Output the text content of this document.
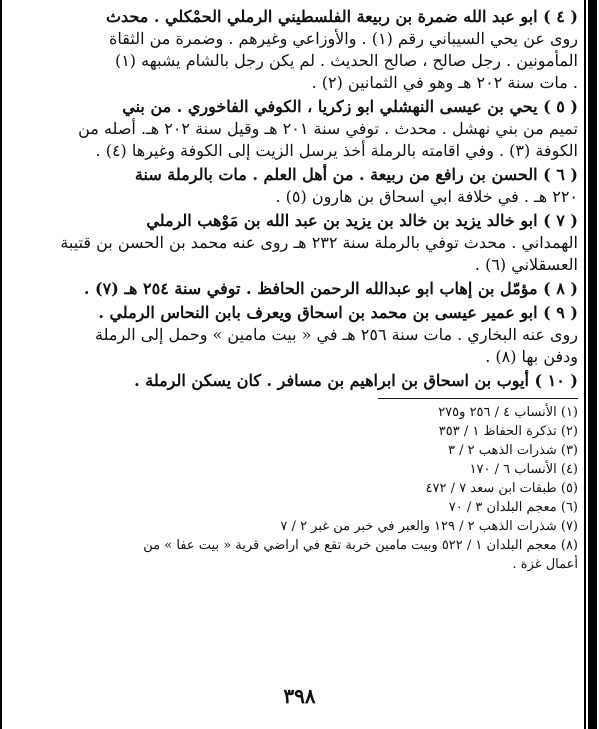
( ٤ ) ابو عبد الله ضمرة بن ربيعة الفلسطيني الرملي الحمْكلي . محدث
روى عن يحي السيباني رقم (١) . والأوزاعي وغيرهم . وضمرة من الثقاة
المأمونين . رجل صالح ، صالح الحديث . لم يكن رجل بالشام يشبهه (١)
. مات سنة ٢٠٢ هـ وهو في الثمانين (٢) .
( ٥ ) يحي بن عيسى النهشلي ابو زكريا ، الكوفي الفاخوري . من بني
تميم من بني نهشل . محدث . توفي سنة ٢٠١ هـ وقيل سنة ٢٠٢ هـ. أصله من
الكوفة (٣) . وفي اقامته بالرملة أخذ يرسل الزيت إلى الكوفة وغيرها (٤) .
( ٦ ) الحسن بن رافع من ربيعة . من أهل العلم . مات بالرملة سنة
٢٢٠ هـ . في خلافة ابي اسحاق بن هارون (٥) .
( ٧ ) ابو خالد يزيد بن خالد بن يزيد بن عبد الله بن مَوْهب الرملي
الهمداني . محدث توفي بالرملة سنة ٢٣٢ هـ روى عنه محمد بن الحسن بن قتيبة
العسقلاني (٦) .
( ٨ ) مؤمّل بن إهاب ابو عبدالله الرحمن الحافظ . توفي سنة ٢٥٤ هـ (٧) .
( ٩ ) ابو عمير عيسى بن محمد بن اسحاق ويعرف بابن النحاس الرملي .
روى عنه البخاري . مات سنة ٢٥٦ هـ في « بيت مامين » وحمل إلى الرملة
ودفن بها (٨) .
( ١٠ ) أيوب بن اسحاق بن ابراهيم بن مسافر . كان يسكن الرملة .
(١) الأنساب ٤ / ٢٥٦ و٢٧٥
(٢) تذكرة الحفاظ ١ / ٣٥٣
(٣) شذرات الذهب ٢ / ٣
(٤) الأنساب ٦ / ١٧٠
(٥) طبقات ابن سعد ٧ / ٤٧٢
(٦) معجم البلدان ٣ / ٧٠
(٧) شذرات الذهب ٢ / ١٢٩ والعبر في خبر من غبر ٢ / ٧
(٨) معجم البلدان ١ / ٥٢٢ وبيت مامين خربة تقع في اراضي قرية « بيت عفا » من
أعمال غزة .
٣٩٨
